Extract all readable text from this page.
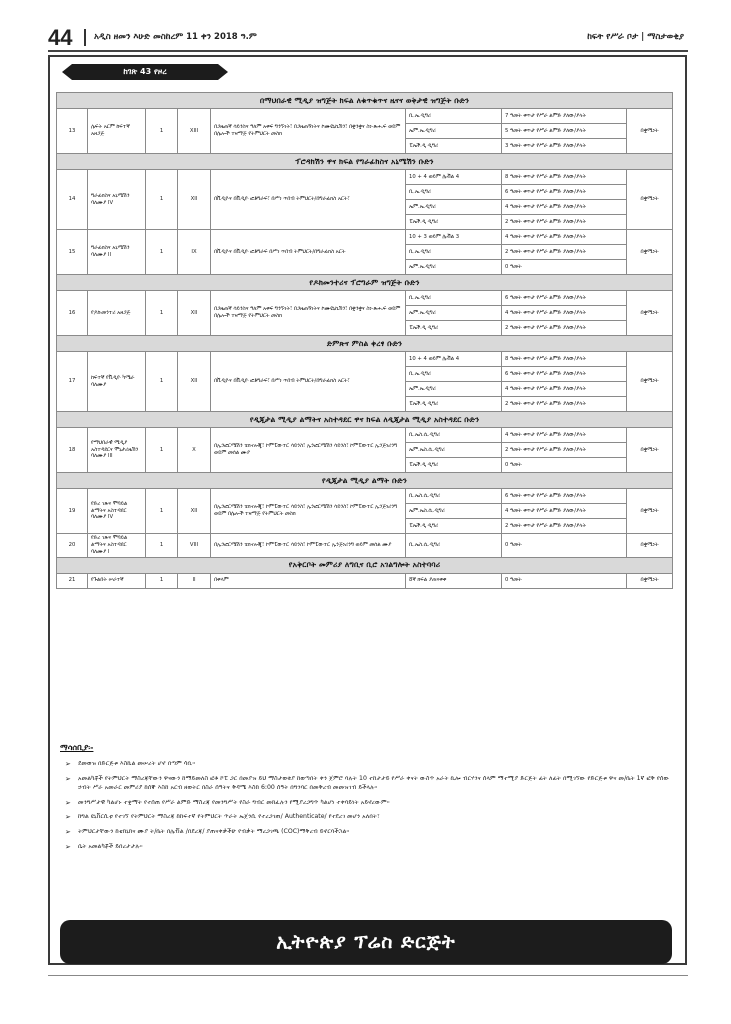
44	አዲስ ዘመን እሁድ መስከረም 11 ቀን 2018 ዓ.ም	ከፍት የሥራ ቦታ | ማስታወቂያ
ከገጽ 43 የዞረ
በማህበራዊ ሚዲያ ዝግጅት ክፍል ለቁጥቁጥና ዜናና ወቅታዊ ዝግጅት ቡድን							
13	ሌፍት አርም ከፍተኛ አዘጋጅ	1	XIII	በጋዜጠኛ ሳይንስና ዓለም አቀፍ ግንኙነት፣ በጋዜጠኝነትና ኮሙዩኒኬሽን፣ በቋንቋና ስነ-ጽሑፍ ወይም በሌሎች ተዛማጅ የትምህርት መስክ	ቢ.ኤ.ዲግሪ	7 ዓመት ቀጥታ የሥራ ልምድ ያለው/ያላት	በቋሚነት
					ኤም.ኤ.ዲግሪ	5 ዓመት ቀጥታ የሥራ ልምድ ያለው/ያላት	
					ፒኤች.ዲ ዲግሪ	3 ዓመት ቀጥታ የሥራ ልምድ ያለው/ያላት	
ፕሮዳክሽን ዋና ክፍል የግራፊክስና አኒሜሽን ቡድን							
14	ግራፊክስና አኒሜሽን ባለሙያ IV	1	XII	በቪዲዮና በቪዲዮ ፎቶግራፍ፣ በሥነ ጥበብ ትምህርት/በግራፊክስ አርት፣	10 + 4 ወይም ሌቭል 4	8 ዓመት ቀጥታ የሥራ ልምድ ያለው/ያላት	በቋሚነት
					ቢ.ኤ.ዲግሪ	6 ዓመት ቀጥታ የሥራ ልምድ ያለው/ያላት	
					ኤም.ኤ.ዲግሪ	4 ዓመት ቀጥታ የሥራ ልምድ ያለው/ያላት	
					ፒኤች.ዲ ዲግሪ	2 ዓመት ቀጥታ የሥራ ልምድ ያለው/ያላት	
15	ግራፊክስና አኒሜሽን ባለሙያ II	1	IX	በቪዲዮና በቪዲዮ ፎቶግራፍ በሥነ ጥበብ ትምህርት/በግራፊክስ አርት	10 + 3 ወይም ሌቭል 3	4 ዓመት ቀጥታ የሥራ ልምድ ያለው/ያላት	በቋሚነት
					ቢ.ኤ.ዲግሪ	2 ዓመት ቀጥታ የሥራ ልምድ ያለው/ያላት	
					ኤም.ኤ.ዲግሪ	0 ዓመት	
የዶክመንተሪና ፕሮግራም ዝግጅት ቡድን							
16	የዶኩመንተሪ አዘጋጅ	1	XII	በጋዜጠኛ ሳይንስና ዓለም አቀፍ ግንኙነት፣ በጋዜጠኝነትና ኮሙዩኒኬሽን፣ በቋንቋና ስነ-ጽሑፍ ወይም በሌሎች ተዛማጅ የትምህርት መስክ	ቢ.ኤ.ዲግሪ	6 ዓመት ቀጥታ የሥራ ልምድ ያለው/ያላት	በቋሚነት
					ኤም.ኤ.ዲግሪ	4 ዓመት ቀጥታ የሥራ ልምድ ያለው/ያላት	
					ፒኤች.ዲ ዲግሪ	2 ዓመት ቀጥታ የሥራ ልምድ ያለው/ያላት	
ድምጽና ምስል ቀረፃ ቡድን							
17	ከፍተኛ የቪዲዮ ካሜራ ባለሙያ	1	XII	በቪዲዮና በቪዲዮ ፎቶግራፍ፣ በሥነ ጥበብ ትምህርት/በግራፊክስ አርት፣	10 + 4 ወይም ሌቭል 4	8 ዓመት ቀጥታ የሥራ ልምድ ያለው/ያላት	በቋሚነት
					ቢ.ኤ.ዲግሪ	6 ዓመት ቀጥታ የሥራ ልምድ ያለው/ያላት	
					ኤም.ኤ.ዲግሪ	4 ዓመት ቀጥታ የሥራ ልምድ ያለው/ያላት	
					ፒኤች.ዲ ዲግሪ	2 ዓመት ቀጥታ የሥራ ልምድ ያለው/ያላት	
የዲጂታል ሚዲያ ልማትና አስተዳደር ዋና ክፍል ለዲጂታል ሚዲያ አስተዳደር ቡድን							
18	የማህበራዊ ሚዲያ አስተዳደርና ሞኒታሪዜሽን ባለሙያ III	1	X	በኢንፎርሜሽን ቴክኖሎጂ፣ ኮምፒውተር ሳይንስ፣ ኢንፎርሜሽን ሳይንስ፣ ኮምፒውተር ኢንጅነሪንግ ወይም መሰል ሙያ	ቢ.ኤስ.ሲ.ዲግሪ	4 ዓመት ቀጥታ የሥራ ልምድ ያለው/ያላት	በቋሚነት
					ኤም.ኤስ.ሲ.ዲግሪ	2 ዓመት ቀጥታ የሥራ ልምድ ያለው/ያላት	
					ፒኤች.ዲ ዲግሪ	0 ዓመት	
የዲጂታል ሚዲያ ልማት ቡድን							
19	የድረ ገጽና ሞባይል ልማትና አስተዳደር ባለሙያ IV	1	XII	በኢንፎርሜሽን ቴክኖሎጂ፣ ኮምፒውተር ሳይንስ፣ ኢንፎርሜሽን ሳይንስ፣ ኮምፒውተር ኢንጅነሪንግ ወይም በሌሎች ተዛማጅ የትምህርት መስክ	ቢ.ኤስ.ሲ.ዲግሪ	6 ዓመት ቀጥታ የሥራ ልምድ ያለው/ያላት	በቋሚነት
					ኤም.ኤስ.ሲ.ዲግሪ	4 ዓመት ቀጥታ የሥራ ልምድ ያለው/ያላት	
					ፒኤች.ዲ ዲግሪ	2 ዓመት ቀጥታ የሥራ ልምድ ያለው/ያላት	
20	የድረ ገጽና ሞባይል ልማትና አስተዳደር ባለሙያ I	1	VIII	በኢንፎርሜሽን ቴክኖሎጂ፣ ኮምፒውተር ሳይንስ፣ ኮምፒውተር ኢንጅነሪንግ ወይም መሰል ሙያ	ቢ.ኤስ.ሲ.ዲግሪ	0 ዓመት	በቋሚነት
የአቅርቦት መምሪያ ለግቢና ቢሮ አገልግሎት አስተባባሪ							
21	የጉልበት ሠራተኛ	1	II	በቀላም	8ኛ ክፍል ያጠናቀቀ	0 ዓመት	በቋሚነት
ማሳሰቢያ፡-
➢ ደመወዝ በድርጅቱ እስኬል መሠረት ሆኖ በጣም ሳቢ።
➢ አመልካቾች የትምህርት ማስረጃቸውን ዋናውን ከማይመለስ ፎቶ ኮፒ ጋር በመያዝ ይህ ማስታወቂያ ከወጣበት ቀን ጀምሮ ባሉት 10 ተከታታይ የሥራ ቀናት ውስጥ አራት ኪሎ ብርሃንና ሰላም ማተሚያ ድርጅት ፊት ለፊት በሚገኘው የድርጅቱ ዋና መ/ቤት 1ኛ ፎቅ የሰው ኃብት ሥራ አመራር መምሪያ ከሰኞ እስከ አርብ ዘወትር በስራ ሰዓትና ቅዳሜ እስከ 6:00 ሰዓት በግንባር በመቅረብ መመዝገብ ይችላሉ።
➢ መንግሥታዊ ካልሆኑ ተቋማት የተሰጠ የሥራ ልምድ ማስረጃ የመንግሥት የስራ ግብር መክፈሉን የሚያረጋግጥ ካልሆነ ተቀባይነት አይኖረውም።
➢ ከግል ዩኒቨርሲቲ የተገኘ የትምህርት ማስረጃ ከከፍተኛ የትምህርት ጥራት ኤጀንሲ የተረጋገጠ/ Authenticate/ የተደረገ መሆን አለበት፣
➢ ትምህርታቸውን ከቴክኒክና ሙያ ት/ቤት በሌቭል /በደረጃ/ ያጠናቀቃችሁ የብቃት ማረጋገጫ (COC)ማቅረብ ይኖርባችኋል።
➢ ሴት አመልካቾች ይበረታታሉ።
ኢትዮጵያ ፕሬስ ድርጅት
